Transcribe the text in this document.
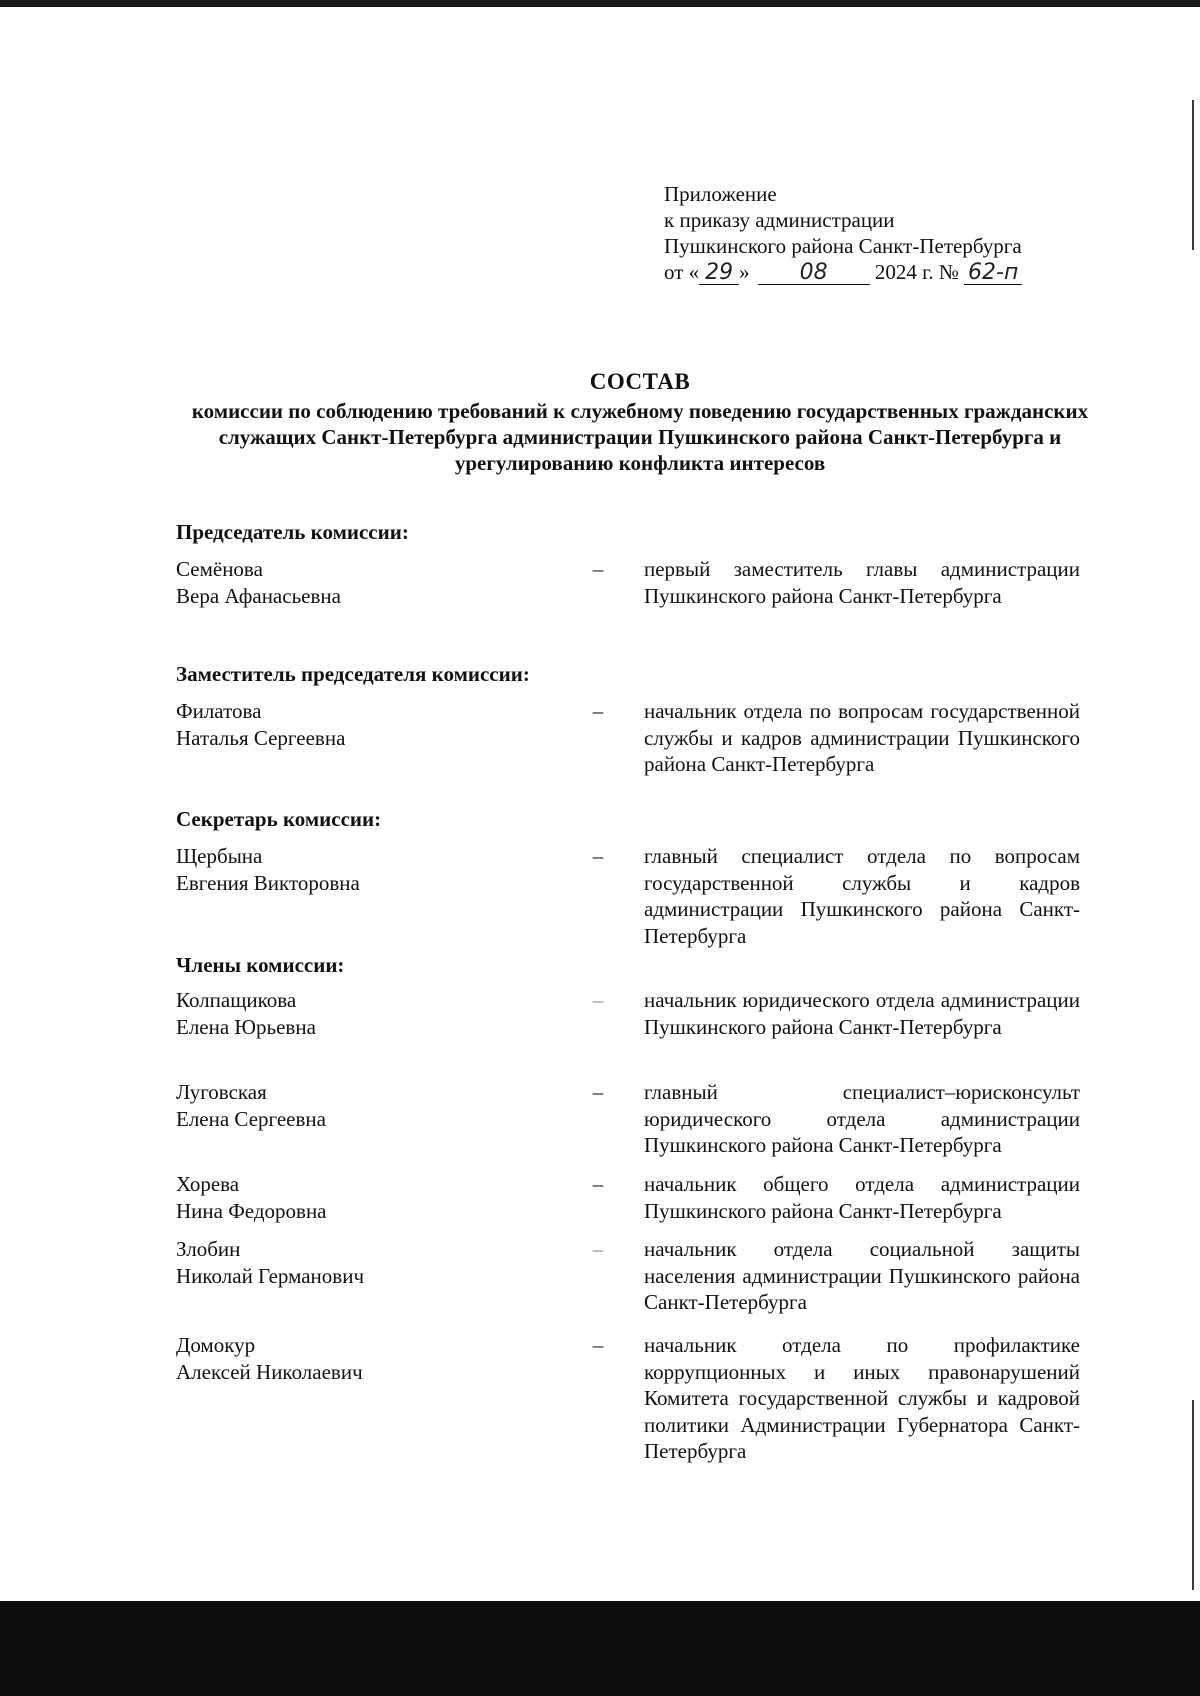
Приложение
к приказу администрации
Пушкинского района Санкт-Петербурга
от « 29 » 08 2024 г. № 62-п
СОСТАВ
комиссии по соблюдению требований к служебному поведению государственных гражданских служащих Санкт-Петербурга администрации Пушкинского района Санкт-Петербурга и урегулированию конфликта интересов
Председатель комиссии:
Семёнова
Вера Афанасьевна
–	первый заместитель главы администрации Пушкинского района Санкт-Петербурга
Заместитель председателя комиссии:
Филатова
Наталья Сергеевна
–	начальник отдела по вопросам государственной службы и кадров администрации Пушкинского района Санкт-Петербурга
Секретарь комиссии:
Щербына
Евгения Викторовна
–	главный специалист отдела по вопросам государственной службы и кадров администрации Пушкинского района Санкт-Петербурга
Члены комиссии:
Колпащикова
Елена Юрьевна
–	начальник юридического отдела администрации Пушкинского района Санкт-Петербурга
Луговская
Елена Сергеевна
–	главный специалист–юрисконсульт юридического отдела администрации Пушкинского района Санкт-Петербурга
Хорева
Нина Федоровна
–	начальник общего отдела администрации Пушкинского района Санкт-Петербурга
Злобин
Николай Германович
–	начальник отдела социальной защиты населения администрации Пушкинского района Санкт-Петербурга
Домокур
Алексей Николаевич
–	начальник отдела по профилактике коррупционных и иных правонарушений Комитета государственной службы и кадровой политики Администрации Губернатора Санкт-Петербурга
